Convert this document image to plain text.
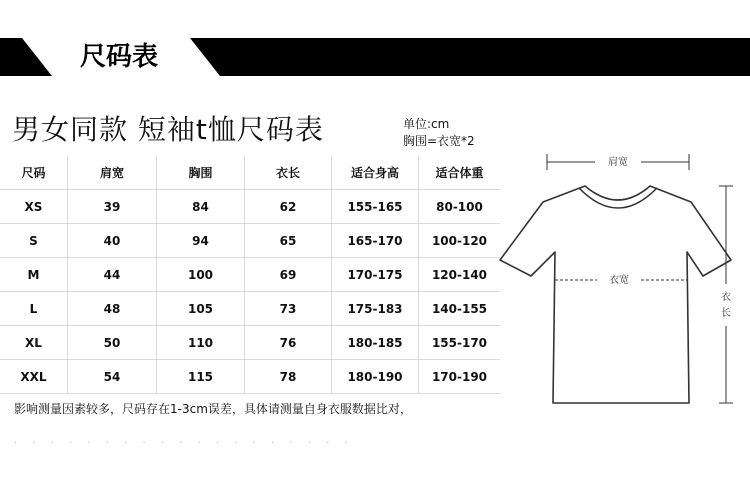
尺码表
男女同款 短袖t恤尺码表	单位:cm
胸围=衣宽*2
尺码	肩宽	胸围	衣长	适合身高	适合体重
XS	39	84	62	155-165	80-100
S	40	94	65	165-170	100-120
M	44	100	69	170-175	120-140
L	48	105	73	175-183	140-155
XL	50	110	76	180-185	155-170
XXL	54	115	78	180-190	170-190
影响测量因素较多，尺码存在1-3cm误差，具体请测量自身衣服数据比对，
· · · · · · · · · · · · · · · · · · ·
肩宽
衣宽
衣
长
